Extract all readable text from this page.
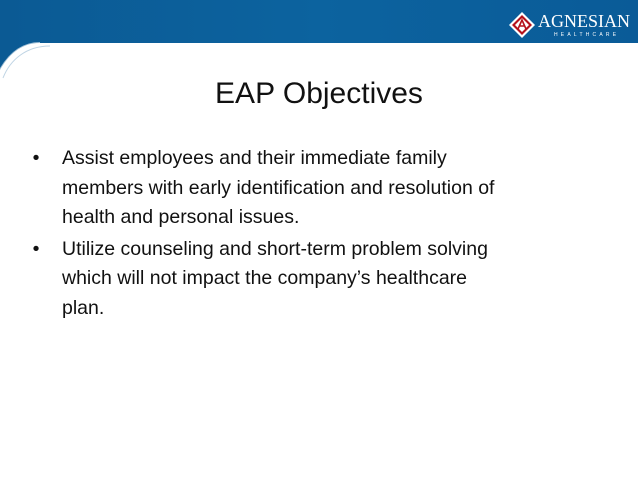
AGNESIAN
HEALTHCARE
EAP Objectives
• Assist employees and their immediate family
members with early identification and resolution of
health and personal issues.
• Utilize counseling and short-term problem solving
which will not impact the company’s healthcare
plan.
